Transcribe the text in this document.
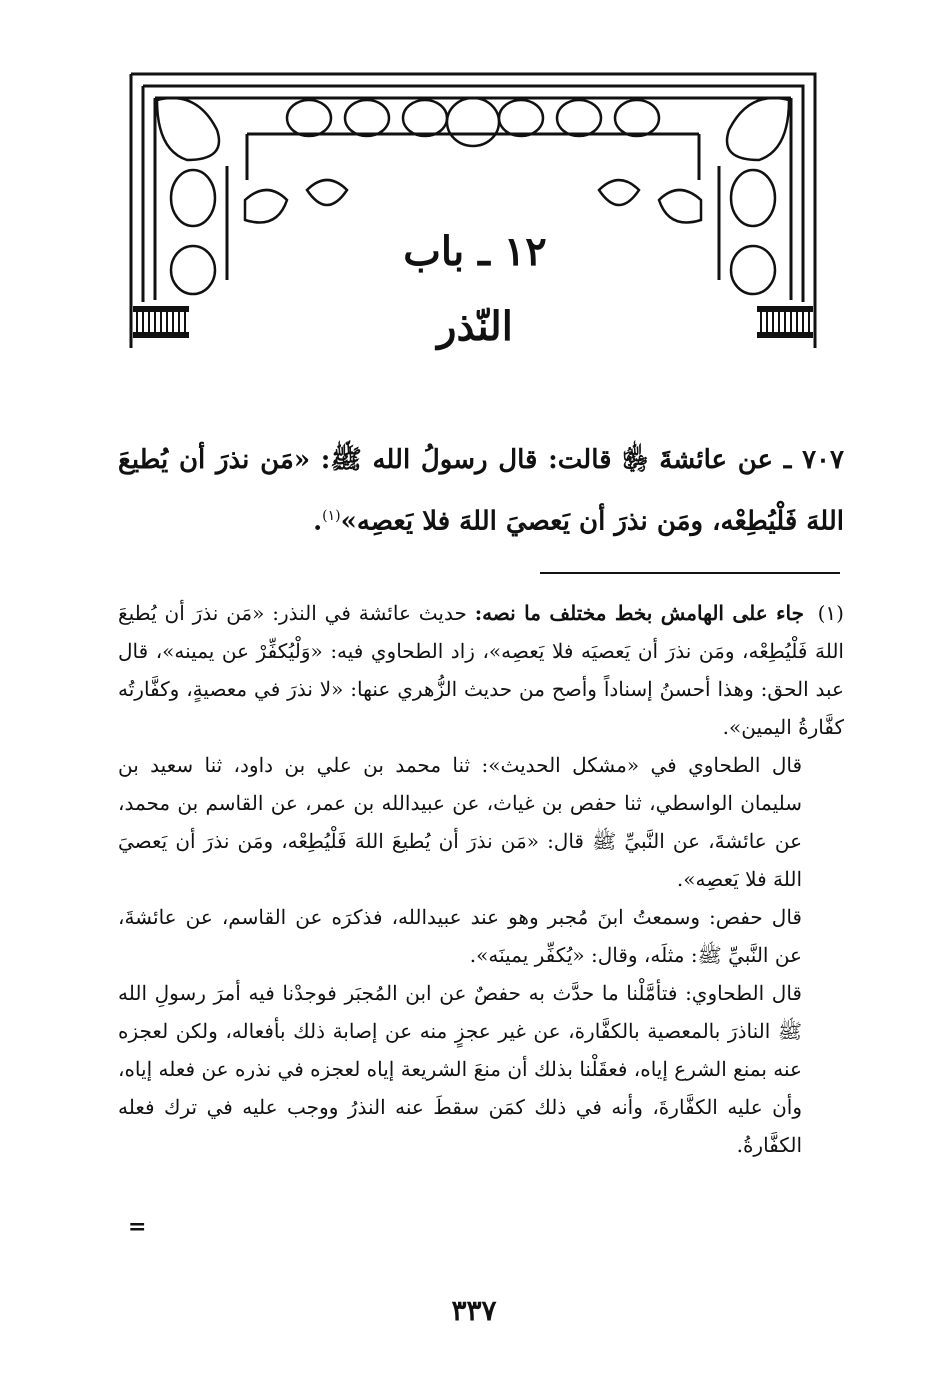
١٢ ـ باب
النّذر
٧٠٧ ـ عن عائشةَ ﵂ قالت: قال رسولُ الله ﷺ: «مَن نذرَ أن يُطيعَ اللهَ فَلْيُطِعْه، ومَن نذرَ أن يَعصيَ اللهَ فلا يَعصِه»$^{(١)}$.

(١)جاء على الهامش بخط مختلف ما نصه: حديث عائشة في النذر: «مَن نذرَ أن يُطيعَ اللهَ فَلْيُطِعْه، ومَن نذرَ أن يَعصيَه فلا يَعصِه»، زاد الطحاوي فيه: «وَلْيُكفِّرْ عن يمينه»، قال عبد الحق: وهذا أحسنُ إسناداً وأصح من حديث الزُّهري عنها: «لا نذرَ في معصيةٍ، وكفَّارتُه كفَّارةُ اليمين».

قال الطحاوي في «مشكل الحديث»: ثنا محمد بن علي بن داود، ثنا سعيد بن سليمان الواسطي، ثنا حفص بن غياث، عن عبيدالله بن عمر، عن القاسم بن محمد، عن عائشةَ، عن النَّبيِّ ﷺ قال: «مَن نذرَ أن يُطيعَ اللهَ فَلْيُطِعْه، ومَن نذرَ أن يَعصيَ اللهَ فلا يَعصِه».

قال حفص: وسمعتُ ابنَ مُجبر وهو عند عبيدالله، فذكرَه عن القاسم، عن عائشةَ، عن النَّبيِّ ﷺ: مثلَه، وقال: «يُكفِّر يمينَه».

قال الطحاوي: فتأمَّلْنا ما حدَّث به حفصٌ عن ابن المُجبَر فوجدْنا فيه أمرَ رسولِ الله ﷺ الناذرَ بالمعصية بالكفَّارة، عن غير عجزٍ منه عن إصابة ذلك بأفعاله، ولكن لعجزه عنه بمنع الشرع إياه، فعقَلْنا بذلك أن منعَ الشريعة إياه لعجزه في نذره عن فعله إياه، وأن عليه الكفَّارةَ، وأنه في ذلك كمَن سقطَ عنه النذرُ ووجب عليه في ترك فعله الكفَّارةُ.

=
٣٣٧
